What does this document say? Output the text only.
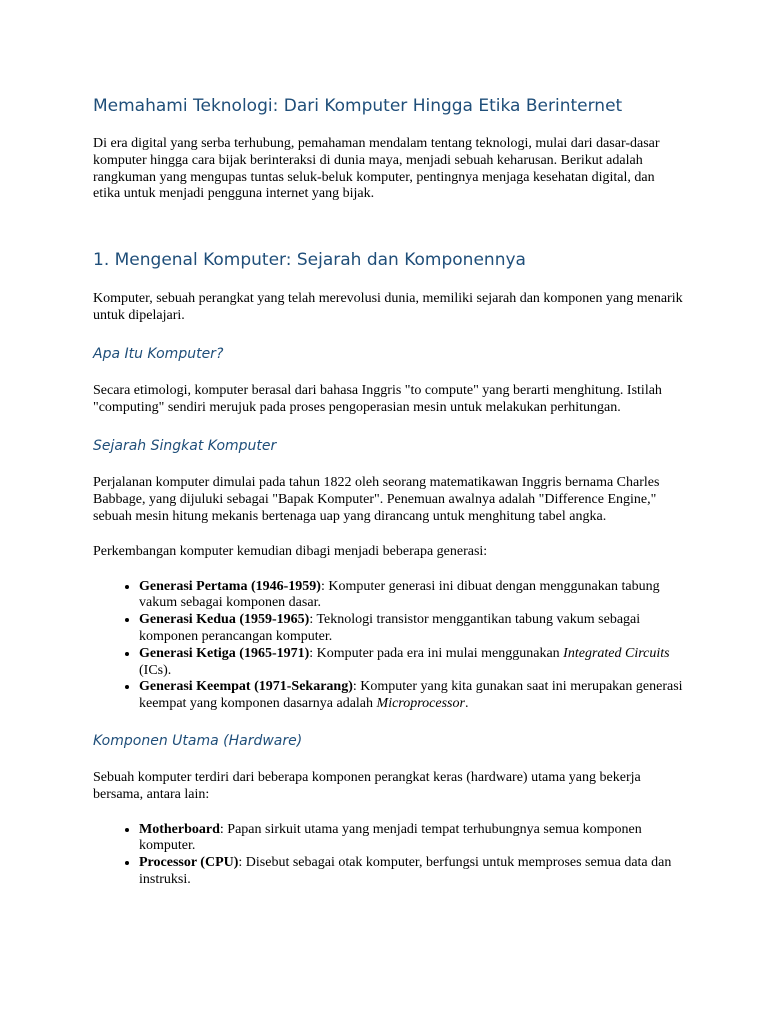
Memahami Teknologi: Dari Komputer Hingga Etika Berinternet

Di era digital yang serba terhubung, pemahaman mendalam tentang teknologi, mulai dari dasar-dasar komputer hingga cara bijak berinteraksi di dunia maya, menjadi sebuah keharusan. Berikut adalah rangkuman yang mengupas tuntas seluk-beluk komputer, pentingnya menjaga kesehatan digital, dan etika untuk menjadi pengguna internet yang bijak.

1. Mengenal Komputer: Sejarah dan Komponennya

Komputer, sebuah perangkat yang telah merevolusi dunia, memiliki sejarah dan komponen yang menarik untuk dipelajari.

Apa Itu Komputer?

Secara etimologi, komputer berasal dari bahasa Inggris "to compute" yang berarti menghitung. Istilah "computing" sendiri merujuk pada proses pengoperasian mesin untuk melakukan perhitungan.

Sejarah Singkat Komputer

Perjalanan komputer dimulai pada tahun 1822 oleh seorang matematikawan Inggris bernama Charles Babbage, yang dijuluki sebagai "Bapak Komputer". Penemuan awalnya adalah "Difference Engine," sebuah mesin hitung mekanis bertenaga uap yang dirancang untuk menghitung tabel angka.

Perkembangan komputer kemudian dibagi menjadi beberapa generasi:

• Generasi Pertama (1946-1959): Komputer generasi ini dibuat dengan menggunakan tabung vakum sebagai komponen dasar.
• Generasi Kedua (1959-1965): Teknologi transistor menggantikan tabung vakum sebagai komponen perancangan komputer.
• Generasi Ketiga (1965-1971): Komputer pada era ini mulai menggunakan Integrated Circuits (ICs).
• Generasi Keempat (1971-Sekarang): Komputer yang kita gunakan saat ini merupakan generasi keempat yang komponen dasarnya adalah Microprocessor.
Komponen Utama (Hardware)

Sebuah komputer terdiri dari beberapa komponen perangkat keras (hardware) utama yang bekerja bersama, antara lain:

• Motherboard: Papan sirkuit utama yang menjadi tempat terhubungnya semua komponen komputer.
• Processor (CPU): Disebut sebagai otak komputer, berfungsi untuk memproses semua data dan instruksi.
